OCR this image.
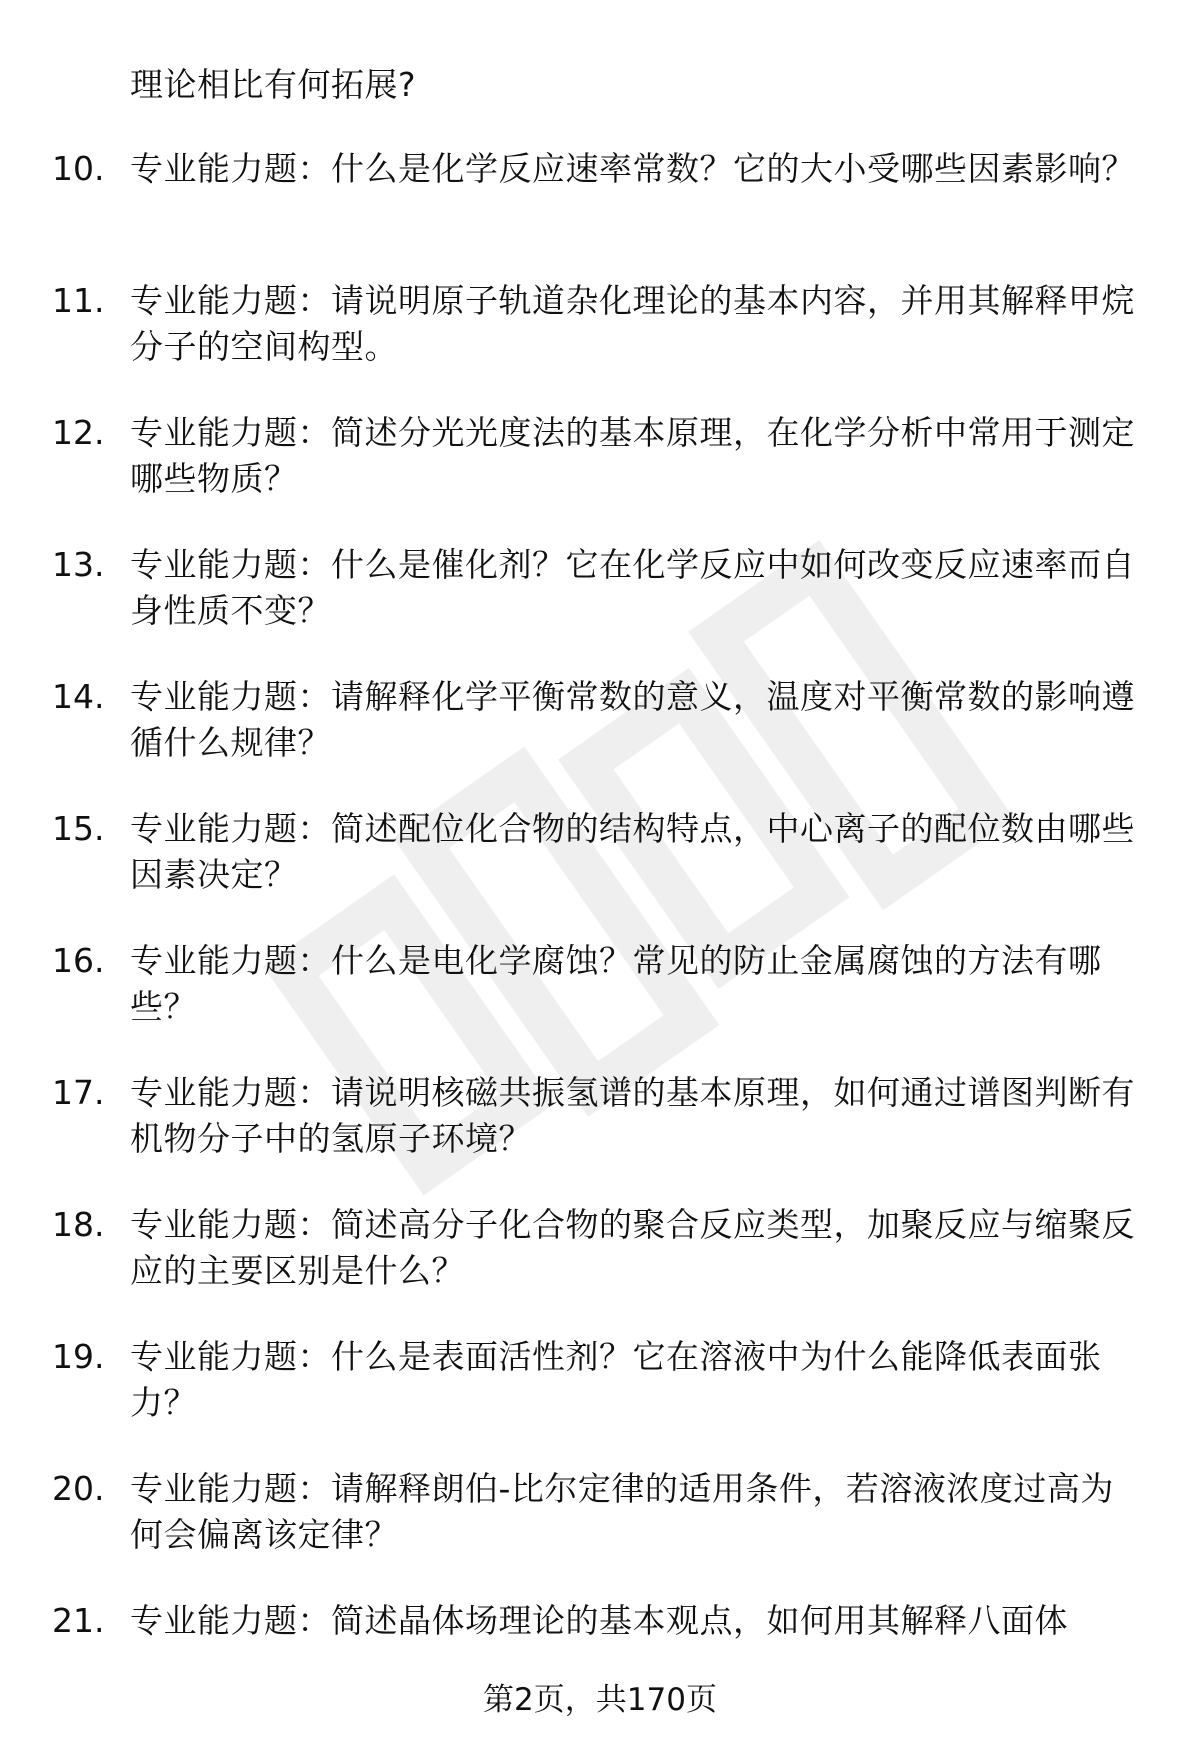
理论相比有何拓展?
10. 专业能力题：什么是化学反应速率常数？它的大小受哪些因素影响？
11. 专业能力题：请说明原子轨道杂化理论的基本内容，并用其解释甲烷分子的空间构型。
12. 专业能力题：简述分光光度法的基本原理，在化学分析中常用于测定哪些物质？
13. 专业能力题：什么是催化剂？它在化学反应中如何改变反应速率而自身性质不变？
14. 专业能力题：请解释化学平衡常数的意义，温度对平衡常数的影响遵循什么规律？
15. 专业能力题：简述配位化合物的结构特点，中心离子的配位数由哪些因素决定？
16. 专业能力题：什么是电化学腐蚀？常见的防止金属腐蚀的方法有哪些？
17. 专业能力题：请说明核磁共振氢谱的基本原理，如何通过谱图判断有机物分子中的氢原子环境？
18. 专业能力题：简述高分子化合物的聚合反应类型，加聚反应与缩聚反应的主要区别是什么？
19. 专业能力题：什么是表面活性剂？它在溶液中为什么能降低表面张力？
20. 专业能力题：请解释朗伯-比尔定律的适用条件，若溶液浓度过高为何会偏离该定律？
21. 专业能力题：简述晶体场理论的基本观点，如何用其解释八面体
第2页，共170页
